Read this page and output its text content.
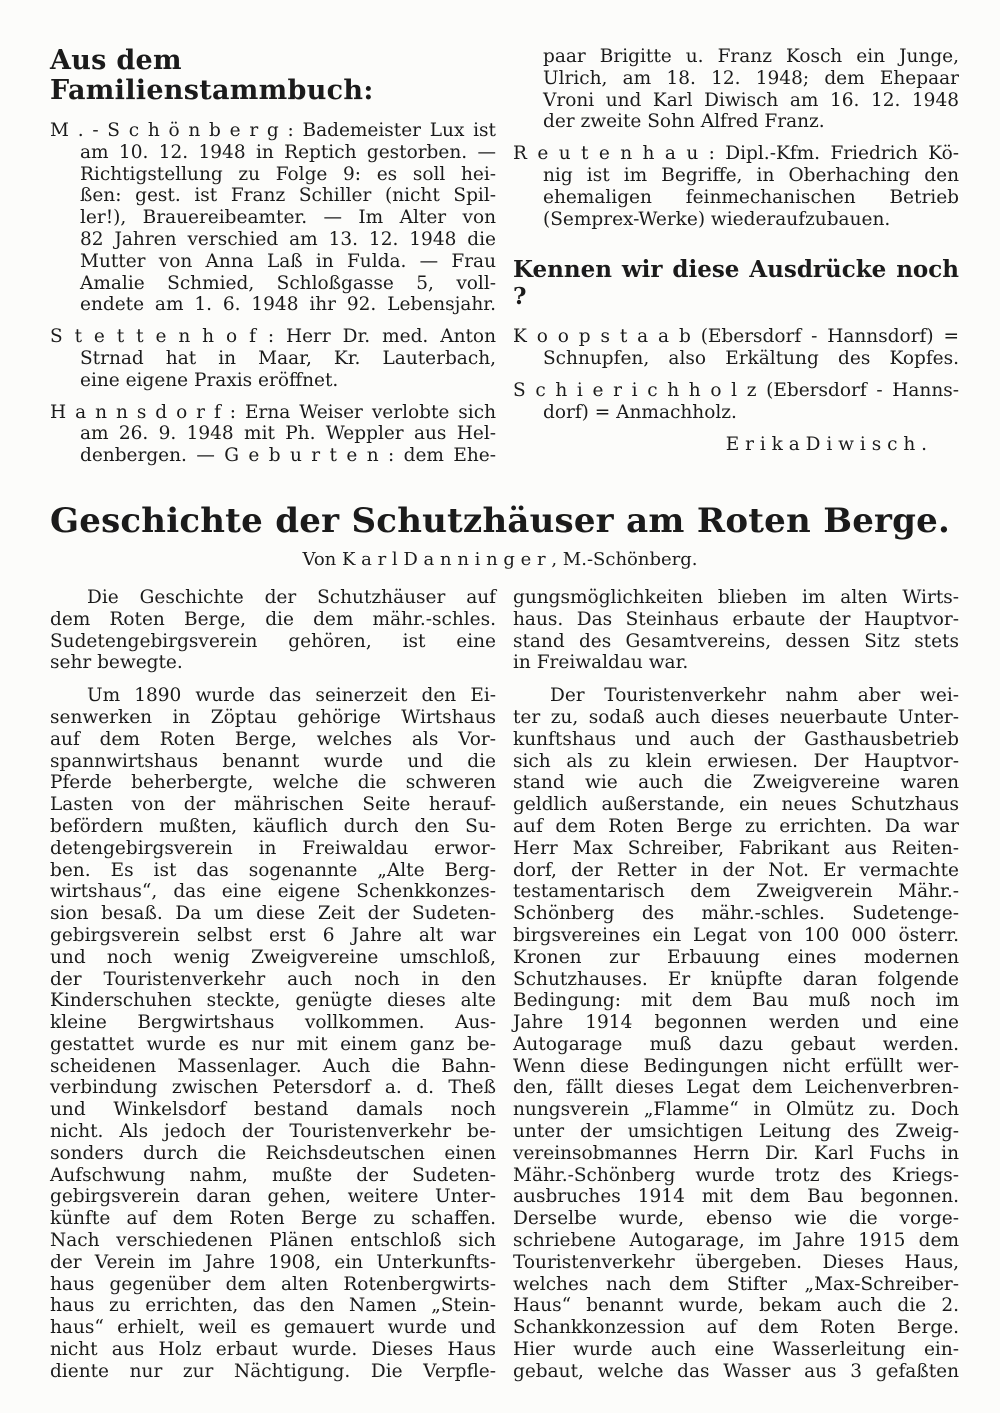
Aus dem Familienstammbuch:
M . - S c h ö n b e r g : Bademeister Lux ist
am 10. 12. 1948 in Reptich gestorben. —
Richtigstellung zu Folge 9: es soll hei-
ßen: gest. ist Franz Schiller (nicht Spil-
ler!), Brauereibeamter. — Im Alter von
82 Jahren verschied am 13. 12. 1948 die
Mutter von Anna Laß in Fulda. — Frau
Amalie Schmied, Schloßgasse 5, voll-
endete am 1. 6. 1948 ihr 92. Lebensjahr.
S t e t t e n h o f : Herr Dr. med. Anton
Strnad hat in Maar, Kr. Lauterbach,
eine eigene Praxis eröffnet.
H a n n s d o r f : Erna Weiser verlobte sich
am 26. 9. 1948 mit Ph. Weppler aus Hel-
denbergen. — G e b u r t e n : dem Ehe-
paar Brigitte u. Franz Kosch ein Junge,
Ulrich, am 18. 12. 1948; dem Ehepaar
Vroni und Karl Diwisch am 16. 12. 1948
der zweite Sohn Alfred Franz.
R e u t e n h a u : Dipl.-Kfm. Friedrich Kö-
nig ist im Begriffe, in Oberhaching den
ehemaligen feinmechanischen Betrieb
(Semprex-Werke) wiederaufzubauen.
Kennen wir diese Ausdrücke noch ?
K o o p s t a a b (Ebersdorf - Hannsdorf) =
Schnupfen, also Erkältung des Kopfes.
S c h i e r i c h h o l z (Ebersdorf - Hanns-
dorf) = Anmachholz.
E r i k a D i w i s c h .
Geschichte der Schutzhäuser am Roten Berge.
Von K a r l D a n n i n g e r , M.-Schönberg.
Die Geschichte der Schutzhäuser auf
dem Roten Berge, die dem mähr.-schles.
Sudetengebirgsverein gehören, ist eine
sehr bewegte.
Um 1890 wurde das seinerzeit den Ei-
senwerken in Zöptau gehörige Wirtshaus
auf dem Roten Berge, welches als Vor-
spannwirtshaus benannt wurde und die
Pferde beherbergte, welche die schweren
Lasten von der mährischen Seite herauf-
befördern mußten, käuflich durch den Su-
detengebirgsverein in Freiwaldau erwor-
ben. Es ist das sogenannte „Alte Berg-
wirtshaus“, das eine eigene Schenkkonzes-
sion besaß. Da um diese Zeit der Sudeten-
gebirgsverein selbst erst 6 Jahre alt war
und noch wenig Zweigvereine umschloß,
der Touristenverkehr auch noch in den
Kinderschuhen steckte, genügte dieses alte
kleine Bergwirtshaus vollkommen. Aus-
gestattet wurde es nur mit einem ganz be-
scheidenen Massenlager. Auch die Bahn-
verbindung zwischen Petersdorf a. d. Theß
und Winkelsdorf bestand damals noch
nicht. Als jedoch der Touristenverkehr be-
sonders durch die Reichsdeutschen einen
Aufschwung nahm, mußte der Sudeten-
gebirgsverein daran gehen, weitere Unter-
künfte auf dem Roten Berge zu schaffen.
Nach verschiedenen Plänen entschloß sich
der Verein im Jahre 1908, ein Unterkunfts-
haus gegenüber dem alten Rotenbergwirts-
haus zu errichten, das den Namen „Stein-
haus“ erhielt, weil es gemauert wurde und
nicht aus Holz erbaut wurde. Dieses Haus
diente nur zur Nächtigung. Die Verpfle-
gungsmöglichkeiten blieben im alten Wirts-
haus. Das Steinhaus erbaute der Hauptvor-
stand des Gesamtvereins, dessen Sitz stets
in Freiwaldau war.
Der Touristenverkehr nahm aber wei-
ter zu, sodaß auch dieses neuerbaute Unter-
kunftshaus und auch der Gasthausbetrieb
sich als zu klein erwiesen. Der Hauptvor-
stand wie auch die Zweigvereine waren
geldlich außerstande, ein neues Schutzhaus
auf dem Roten Berge zu errichten. Da war
Herr Max Schreiber, Fabrikant aus Reiten-
dorf, der Retter in der Not. Er vermachte
testamentarisch dem Zweigverein Mähr.-
Schönberg des mähr.-schles. Sudetenge-
birgsvereines ein Legat von 100 000 österr.
Kronen zur Erbauung eines modernen
Schutzhauses. Er knüpfte daran folgende
Bedingung: mit dem Bau muß noch im
Jahre 1914 begonnen werden und eine
Autogarage muß dazu gebaut werden.
Wenn diese Bedingungen nicht erfüllt wer-
den, fällt dieses Legat dem Leichenverbren-
nungsverein „Flamme“ in Olmütz zu. Doch
unter der umsichtigen Leitung des Zweig-
vereinsobmannes Herrn Dir. Karl Fuchs in
Mähr.-Schönberg wurde trotz des Kriegs-
ausbruches 1914 mit dem Bau begonnen.
Derselbe wurde, ebenso wie die vorge-
schriebene Autogarage, im Jahre 1915 dem
Touristenverkehr übergeben. Dieses Haus,
welches nach dem Stifter „Max-Schreiber-
Haus“ benannt wurde, bekam auch die 2.
Schankkonzession auf dem Roten Berge.
Hier wurde auch eine Wasserleitung ein-
gebaut, welche das Wasser aus 3 gefaßten
